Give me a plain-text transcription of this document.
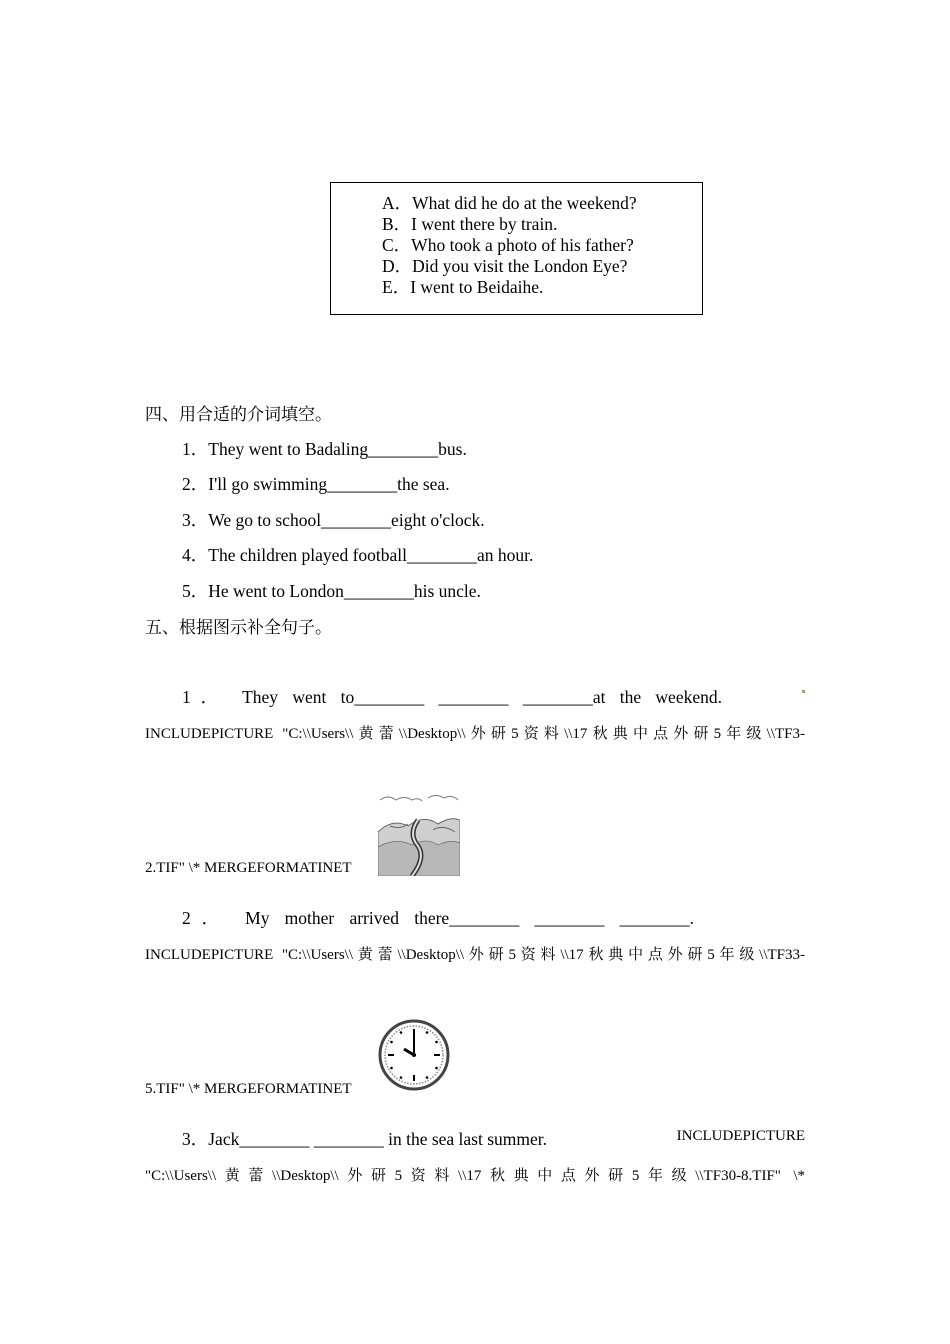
A．What did he do at the weekend?
B．I went there by train.
C．Who took a photo of his father?
D．Did you visit the London Eye?
E．I went to Beidaihe.
四、用合适的介词填空。
1．They went to Badaling________bus.
2．I'll go swimming________the sea.
3．We go to school________eight o'clock.
4．The children played football________an hour.
5．He went to London________his uncle.
五、根据图示补全句子。
1． They went to________ ________ ________at the weekend.
INCLUDEPICTURE "C:\\Users\\黄蕾\\Desktop\\外研5资料\\17秋典中点外研5年级\\TF3-
2.TIF" \* MERGEFORMATINET
2． My mother arrived there________ ________ ________.
INCLUDEPICTURE "C:\\Users\\黄蕾\\Desktop\\外研5资料\\17秋典中点外研5年级\\TF33-
5.TIF" \* MERGEFORMATINET
3．Jack________ ________ in the sea last summer.	INCLUDEPICTURE
"C:\\Users\\黄蕾\\Desktop\\外研5资料\\17秋典中点外研5年级\\TF30-8.TIF" \*
